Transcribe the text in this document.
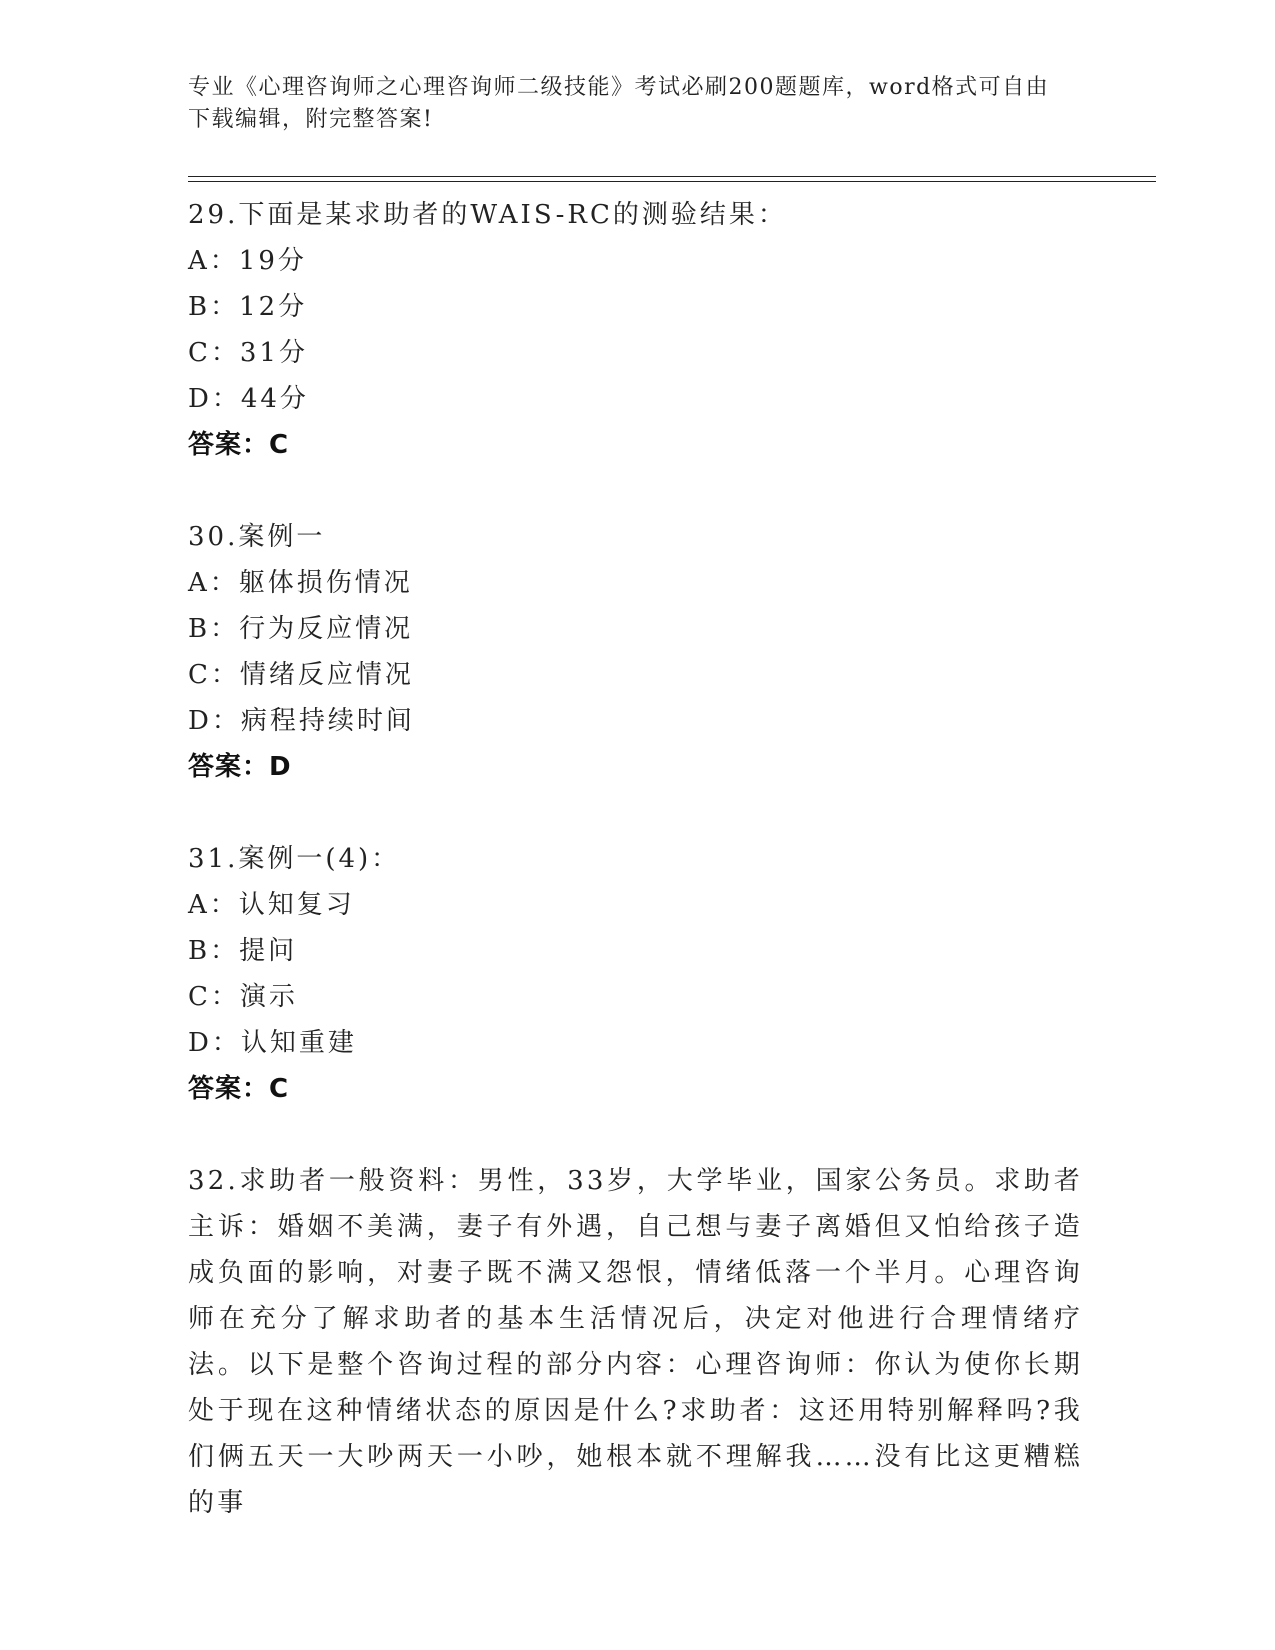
专业《心理咨询师之心理咨询师二级技能》考试必刷200题题库，word格式可自由下载编辑，附完整答案!
29.下面是某求助者的WAIS-RC的测验结果：
A：19分
B：12分
C：31分
D：44分
答案：C
30.案例一
A：躯体损伤情况
B：行为反应情况
C：情绪反应情况
D：病程持续时间
答案：D
31.案例一(4)：
A：认知复习
B：提问
C：演示
D：认知重建
答案：C
32.求助者一般资料：男性，33岁，大学毕业，国家公务员。求助者主诉：婚姻不美满，妻子有外遇，自己想与妻子离婚但又怕给孩子造成负面的影响，对妻子既不满又怨恨，情绪低落一个半月。心理咨询师在充分了解求助者的基本生活情况后，决定对他进行合理情绪疗法。以下是整个咨询过程的部分内容：心理咨询师：你认为使你长期处于现在这种情绪状态的原因是什么?求助者：这还用特别解释吗?我们俩五天一大吵两天一小吵，她根本就不理解我……没有比这更糟糕的事
